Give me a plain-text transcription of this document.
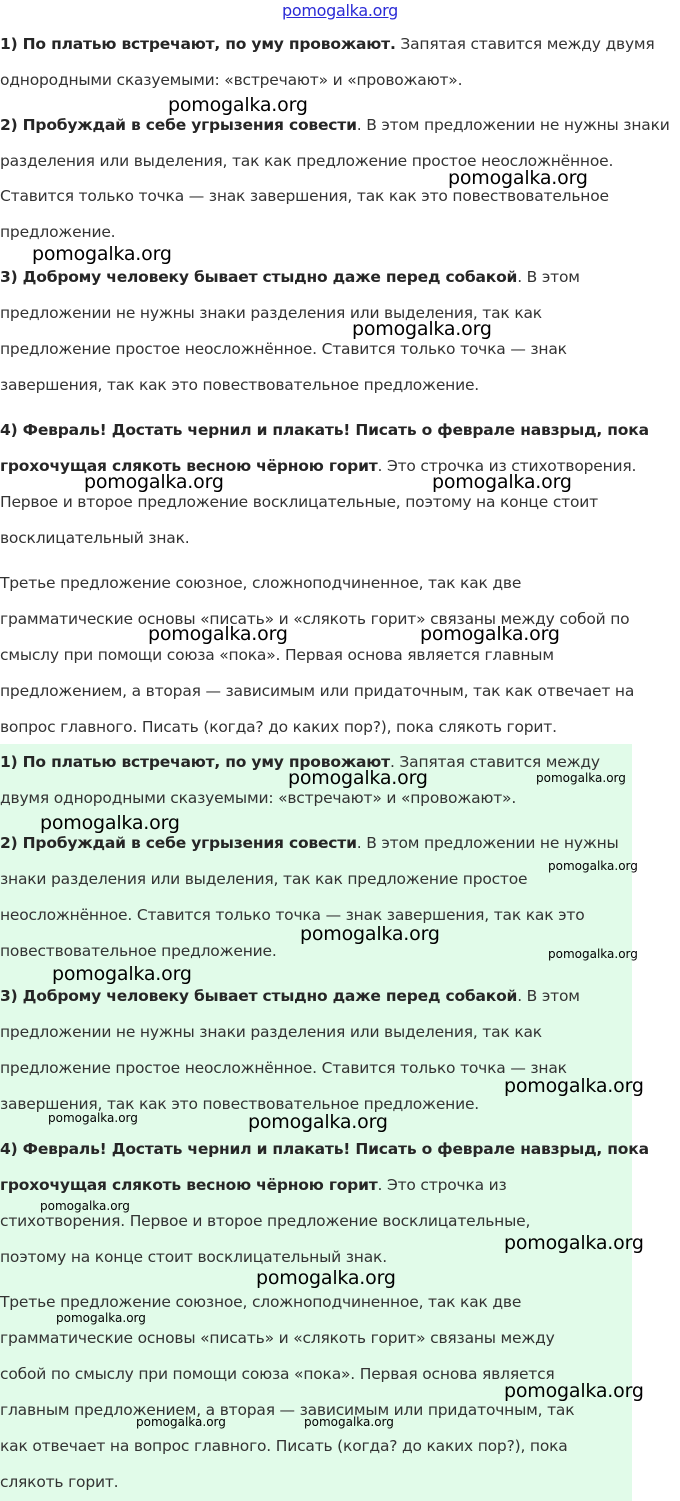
pomogalka.org
1) По платью встречают, по уму провожают. Запятая ставится между двумя
однородными сказуемыми: «встречают» и «провожают».
2) Пробуждай в себе угрызения совести. В этом предложении не нужны знаки
разделения или выделения, так как предложение простое неосложнённое.
Ставится только точка — знак завершения, так как это повествовательное
предложение.
3) Доброму человеку бывает стыдно даже перед собакой. В этом
предложении не нужны знаки разделения или выделения, так как
предложение простое неосложнённое. Ставится только точка — знак
завершения, так как это повествовательное предложение.
4) Февраль! Достать чернил и плакать! Писать о феврале навзрыд, пока
грохочущая слякоть весною чёрною горит. Это строчка из стихотворения.
Первое и второе предложение восклицательные, поэтому на конце стоит
восклицательный знак.
Третье предложение союзное, сложноподчиненное, так как две
грамматические основы «писать» и «слякоть горит» связаны между собой по
смыслу при помощи союза «пока». Первая основа является главным
предложением, а вторая — зависимым или придаточным, так как отвечает на
вопрос главного. Писать (когда? до каких пор?), пока слякоть горит.
1) По платью встречают, по уму провожают. Запятая ставится между
двумя однородными сказуемыми: «встречают» и «провожают».
2) Пробуждай в себе угрызения совести. В этом предложении не нужны
знаки разделения или выделения, так как предложение простое
неосложнённое. Ставится только точка — знак завершения, так как это
повествовательное предложение.
3) Доброму человеку бывает стыдно даже перед собакой. В этом
предложении не нужны знаки разделения или выделения, так как
предложение простое неосложнённое. Ставится только точка — знак
завершения, так как это повествовательное предложение.
4) Февраль! Достать чернил и плакать! Писать о феврале навзрыд, пока
грохочущая слякоть весною чёрною горит. Это строчка из
стихотворения. Первое и второе предложение восклицательные,
поэтому на конце стоит восклицательный знак.
Третье предложение союзное, сложноподчиненное, так как две
грамматические основы «писать» и «слякоть горит» связаны между
собой по смыслу при помощи союза «пока». Первая основа является
главным предложением, а вторая — зависимым или придаточным, так
как отвечает на вопрос главного. Писать (когда? до каких пор?), пока
слякоть горит.
pomogalka.org
pomogalka.org
pomogalka.org
pomogalka.org
pomogalka.org	pomogalka.org
pomogalka.org	pomogalka.org
pomogalka.org	pomogalka.org
pomogalka.org
pomogalka.org
pomogalka.org
pomogalka.org
pomogalka.org
pomogalka.org
pomogalka.org	pomogalka.org
pomogalka.org
pomogalka.org
pomogalka.org
pomogalka.org
pomogalka.org
pomogalka.org	pomogalka.org
